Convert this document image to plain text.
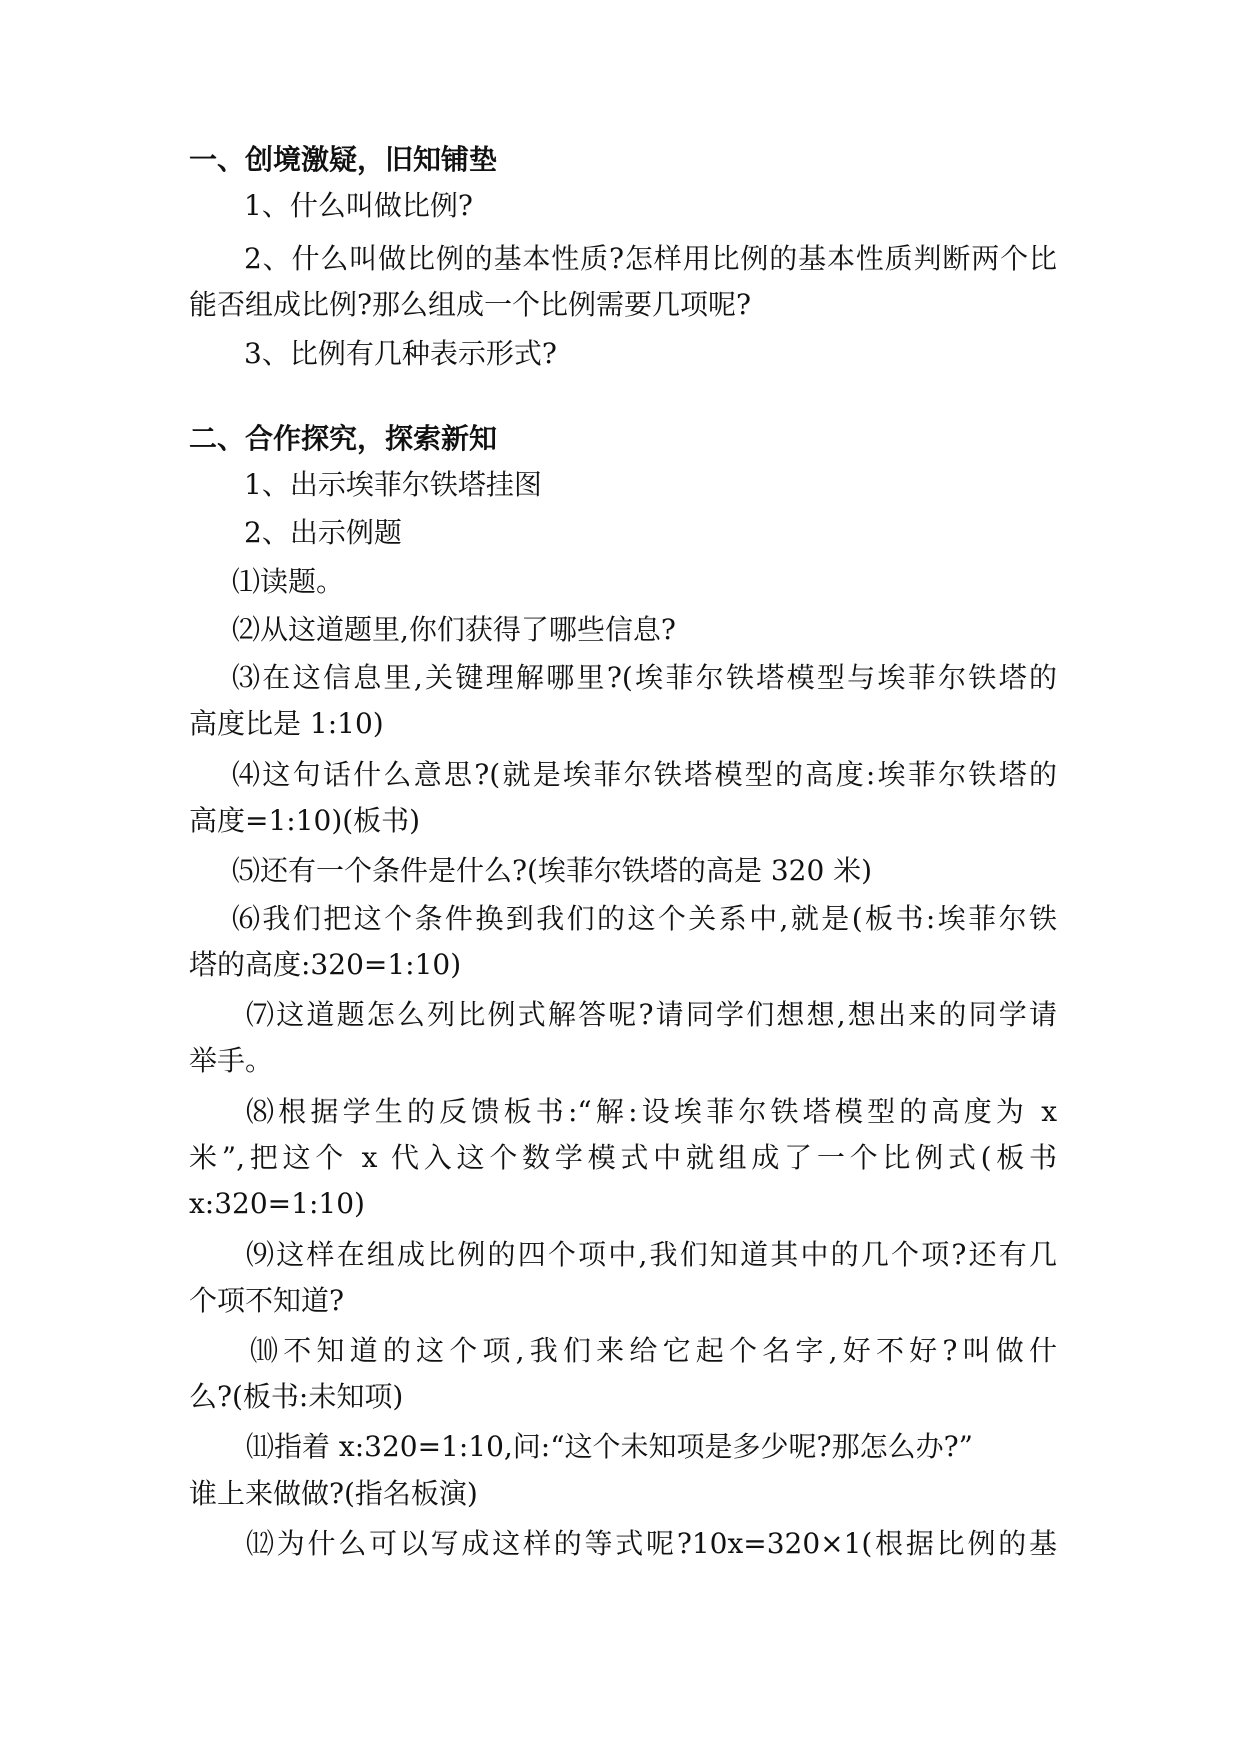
一、创境激疑，旧知铺垫
1、什么叫做比例?
2、什么叫做比例的基本性质?怎样用比例的基本性质判断两个比
能否组成比例?那么组成一个比例需要几项呢?
3、比例有几种表示形式?
二、合作探究，探索新知
1、出示埃菲尔铁塔挂图
2、出示例题
⑴读题。
⑵从这道题里,你们获得了哪些信息?
⑶在这信息里,关键理解哪里?(埃菲尔铁塔模型与埃菲尔铁塔的
高度比是 1:10)
⑷这句话什么意思?(就是埃菲尔铁塔模型的高度:埃菲尔铁塔的
高度=1:10)(板书)
⑸还有一个条件是什么?(埃菲尔铁塔的高是 320 米)
⑹我们把这个条件换到我们的这个关系中,就是(板书:埃菲尔铁
塔的高度:320=1:10)
⑺这道题怎么列比例式解答呢?请同学们想想,想出来的同学请
举手。
⑻根据学生的反馈板书:“解:设埃菲尔铁塔模型的高度为 x
米”,把这个 x 代入这个数学模式中就组成了一个比例式(板书
x:320=1:10)
⑼这样在组成比例的四个项中,我们知道其中的几个项?还有几
个项不知道?
⑽不知道的这个项,我们来给它起个名字,好不好?叫做什
么?(板书:未知项)
⑾指着 x:320=1:10,问:“这个未知项是多少呢?那怎么办?”
谁上来做做?(指名板演)
⑿为什么可以写成这样的等式呢?10x=320×1(根据比例的基
